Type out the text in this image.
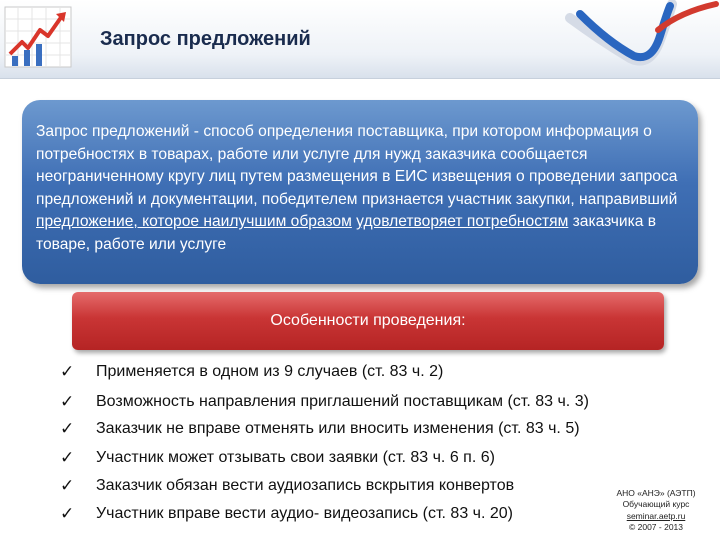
Запрос предложений
Запрос предложений - способ определения поставщика, при котором информация о потребностях в товарах, работе или услуге для нужд заказчика сообщается неограниченному кругу лиц путем размещения в ЕИС извещения о проведении запроса предложений и документации, победителем признается участник закупки, направивший предложение, которое наилучшим образом удовлетворяет потребностям заказчика в товаре, работе или услуге
Особенности проведения:
✓ Применяется в одном из 9 случаев (ст. 83 ч. 2)
✓ Возможность направления приглашений поставщикам (ст. 83 ч. 3)
✓ Заказчик не вправе отменять или вносить изменения (ст. 83 ч. 5)
✓ Участник может отзывать свои заявки (ст. 83 ч. 6 п. 6)
✓ Заказчик обязан вести аудиозапись вскрытия конвертов
✓ Участник вправе вести аудио- видеозапись (ст. 83 ч. 20)
АНО «АНЭ» (АЭТП)
Обучающий курс
seminar.aetp.ru
© 2007 - 2013
